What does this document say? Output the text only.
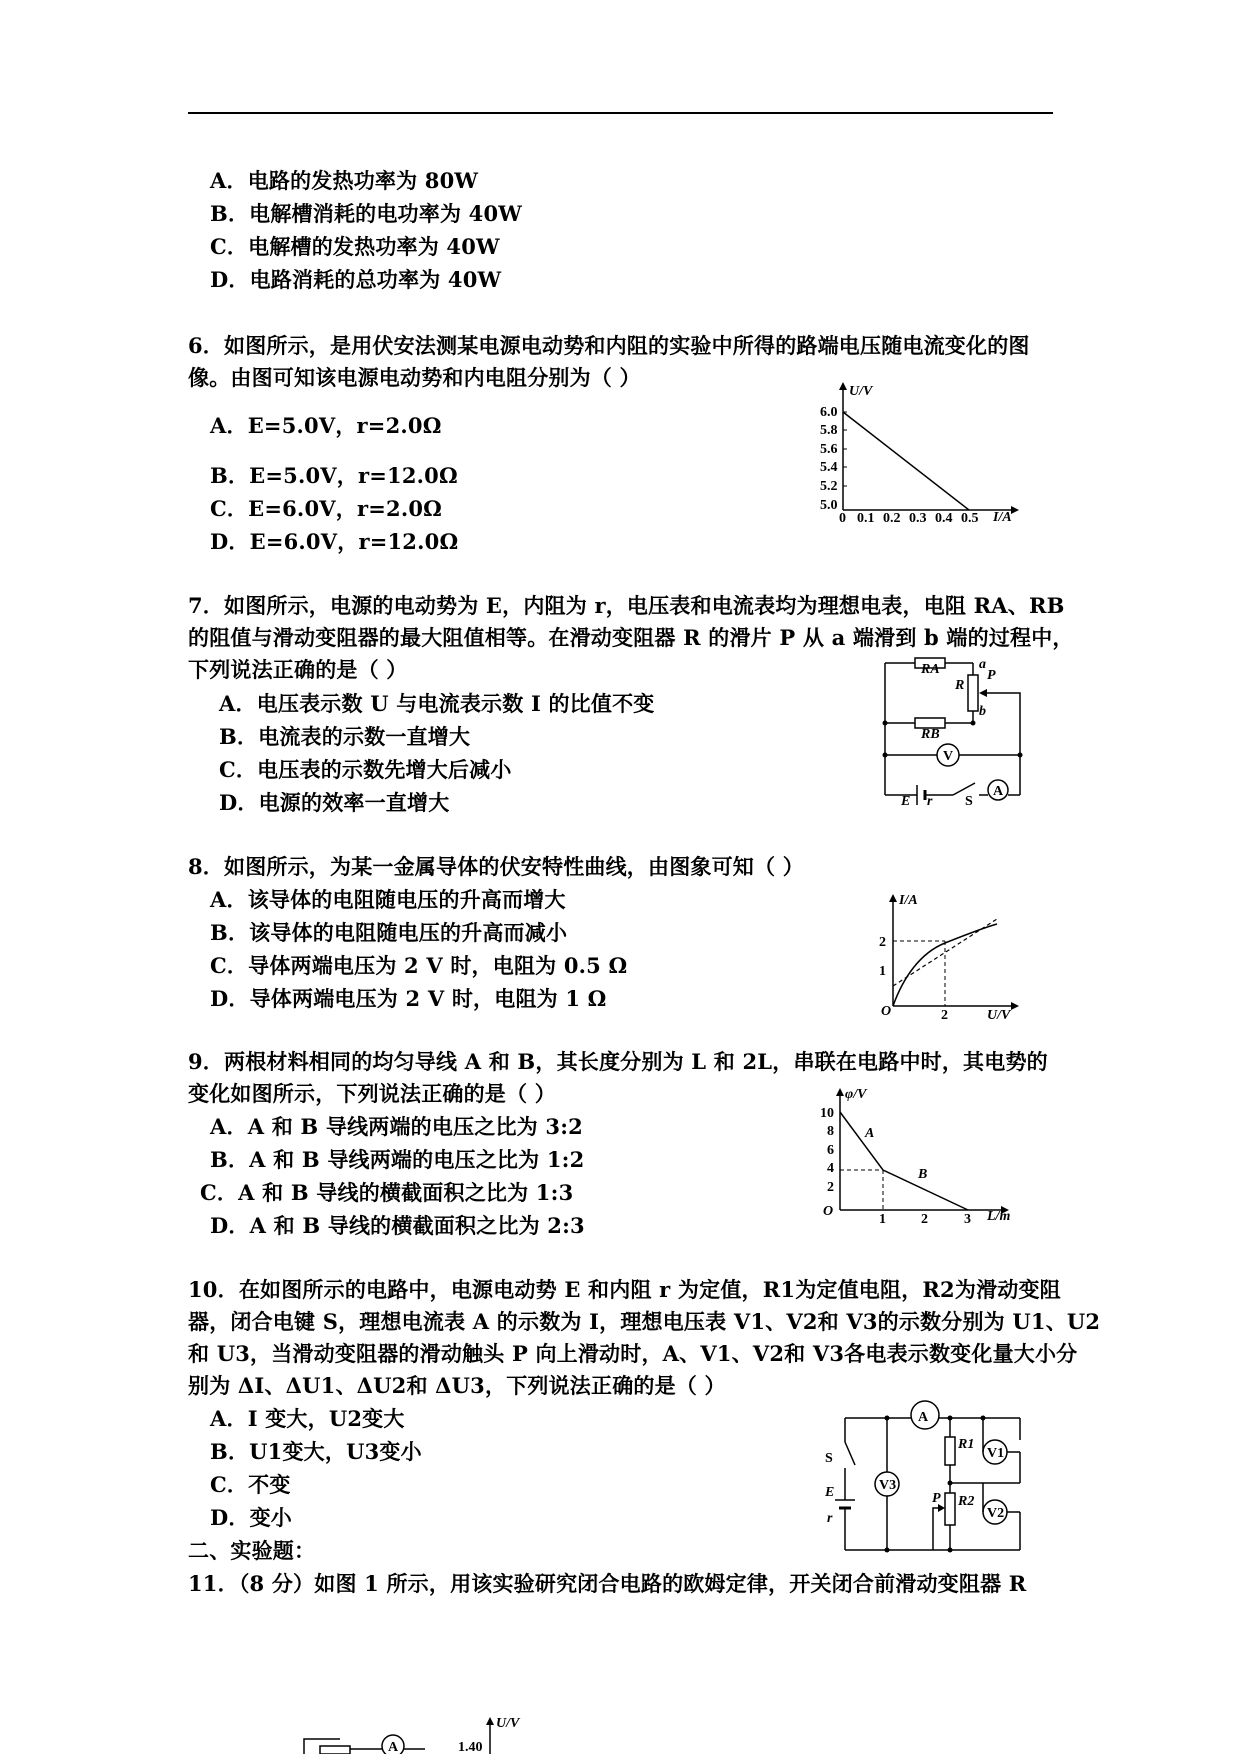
A．电路的发热功率为 80W
B．电解槽消耗的电功率为 40W
C．电解槽的发热功率为 40W
D．电路消耗的总功率为 40W
6．如图所示，是用伏安法测某电源电动势和内阻的实验中所得的路端电压随电流变化的图
像。由图可知该电源电动势和内电阻分别为（ ）
A．E=5.0V，r=2.0Ω
B．E=5.0V，r=12.0Ω
C．E=6.0V，r=2.0Ω
D．E=6.0V，r=12.0Ω
U/V
I/A
6.0
5.8
5.6
5.4
5.2
5.0
0 0.1 0.2 0.3 0.4 0.5
7．如图所示，电源的电动势为 E，内阻为 r，电压表和电流表均为理想电表，电阻 RA、RB
的阻值与滑动变阻器的最大阻值相等。在滑动变阻器 R 的滑片 P 从 a 端滑到 b 端的过程中，
下列说法正确的是（ ）
A．电压表示数 U 与电流表示数 I 的比值不变
B．电流表的示数一直增大
C．电压表的示数先增大后减小
D．电源的效率一直增大
RA
R
a
P
b
RB
V
A
E r S
8．如图所示，为某一金属导体的伏安特性曲线，由图象可知（ ）
A．该导体的电阻随电压的升高而增大
B．该导体的电阻随电压的升高而减小
C．导体两端电压为 2 V 时，电阻为 0.5 Ω
D．导体两端电压为 2 V 时，电阻为 1 Ω
I/A
U/V
O
2
1
2
9．两根材料相同的均匀导线 A 和 B，其长度分别为 L 和 2L，串联在电路中时，其电势的
变化如图所示，下列说法正确的是（ ）
A．A 和 B 导线两端的电压之比为 3:2
B．A 和 B 导线两端的电压之比为 1:2
C．A 和 B 导线的横截面积之比为 1:3
D．A 和 B 导线的横截面积之比为 2:3
φ/V
L/m
O
10
8
6
4
2
1	2	3
A
B
10．在如图所示的电路中，电源电动势 E 和内阻 r 为定值，R1为定值电阻，R2为滑动变阻
器，闭合电键 S，理想电流表 A 的示数为 I，理想电压表 V1、V2和 V3的示数分别为 U1、U2
和 U3，当滑动变阻器的滑动触头 P 向上滑动时，A、V1、V2和 V3各电表示数变化量大小分
别为 ΔI、ΔU1、ΔU2和 ΔU3，下列说法正确的是（ ）
A．I 变大，U2变大
B．U1变大，U3变小
C．不变
D．变小
A
S
E
r
V3
R1
V1
P R2
V2
二、实验题：
11．（8 分）如图 1 所示，用该实验研究闭合电路的欧姆定律，开关闭合前滑动变阻器 R
A
U/V
1.40
